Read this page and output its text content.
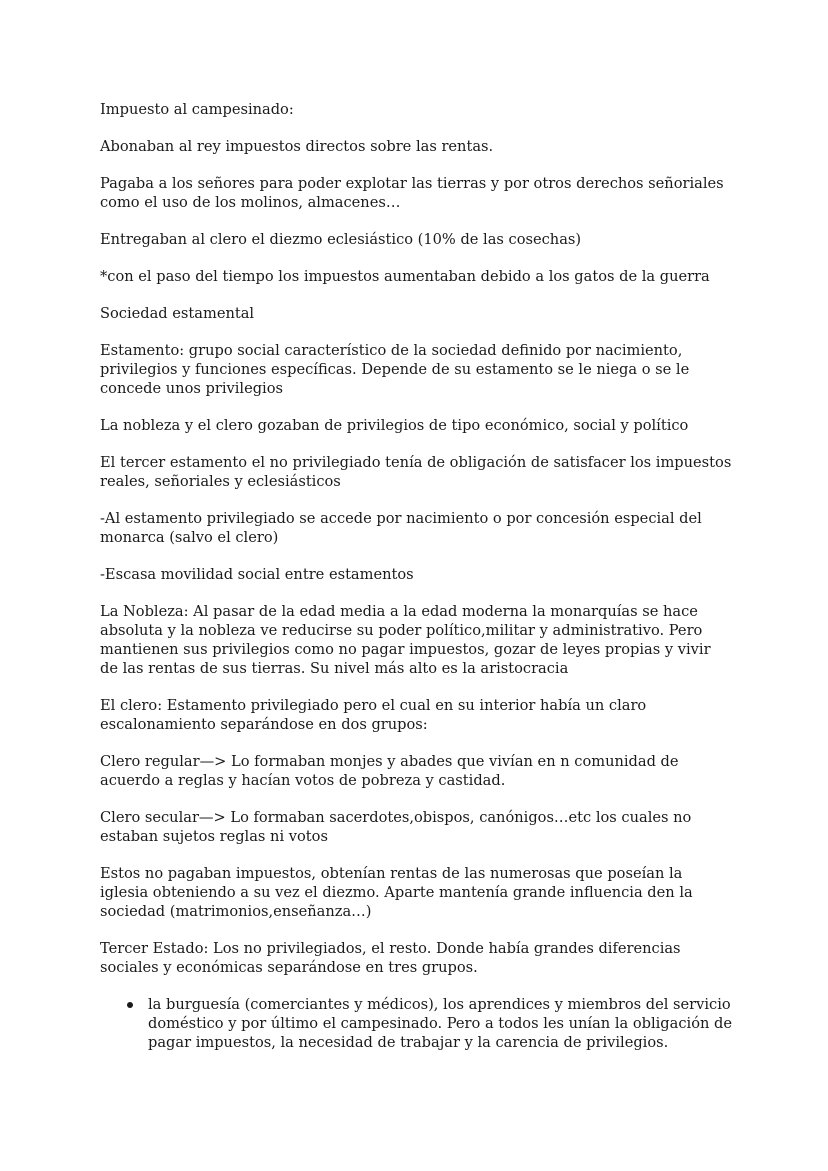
Impuesto al campesinado:

Abonaban al rey impuestos directos sobre las rentas.

Pagaba a los señores para poder explotar las tierras y por otros derechos señoriales como el uso de los molinos, almacenes…

Entregaban al clero el diezmo eclesiástico (10% de las cosechas)

*con el paso del tiempo los impuestos aumentaban debido a los gatos de la guerra

Sociedad estamental

Estamento: grupo social característico de la sociedad definido por nacimiento, privilegios y funciones específicas. Depende de su estamento se le niega o se le concede unos privilegios

La nobleza y el clero gozaban de privilegios de tipo económico, social y político

El tercer estamento el no privilegiado tenía de obligación de satisfacer los impuestos reales, señoriales y eclesiásticos

-Al estamento privilegiado se accede por nacimiento o por concesión especial del monarca (salvo el clero)

-Escasa movilidad social entre estamentos

La Nobleza: Al pasar de la edad media a la edad moderna la monarquías se hace absoluta y la nobleza ve reducirse su poder político,militar y administrativo. Pero mantienen sus privilegios como no pagar impuestos, gozar de leyes propias y vivir de las rentas de sus tierras. Su nivel más alto es la aristocracia

El clero: Estamento privilegiado pero el cual en su interior había un claro escalonamiento separándose en dos grupos:

Clero regular—> Lo formaban monjes y abades que vivían en n comunidad de acuerdo a reglas y hacían votos de pobreza y castidad.

Clero secular—> Lo formaban sacerdotes,obispos, canónigos…etc los cuales no estaban sujetos reglas ni votos

Estos no pagaban impuestos, obtenían rentas de las numerosas que poseían la iglesia obteniendo a su vez el diezmo. Aparte mantenía grande influencia den la sociedad (matrimonios,enseñanza…)

Tercer Estado: Los no privilegiados, el resto. Donde había grandes diferencias sociales y económicas separándose en tres grupos.

la burguesía (comerciantes y médicos), los aprendices y miembros del servicio doméstico y por último el campesinado. Pero a todos les unían la obligación de pagar impuestos, la necesidad de trabajar y la carencia de privilegios.
